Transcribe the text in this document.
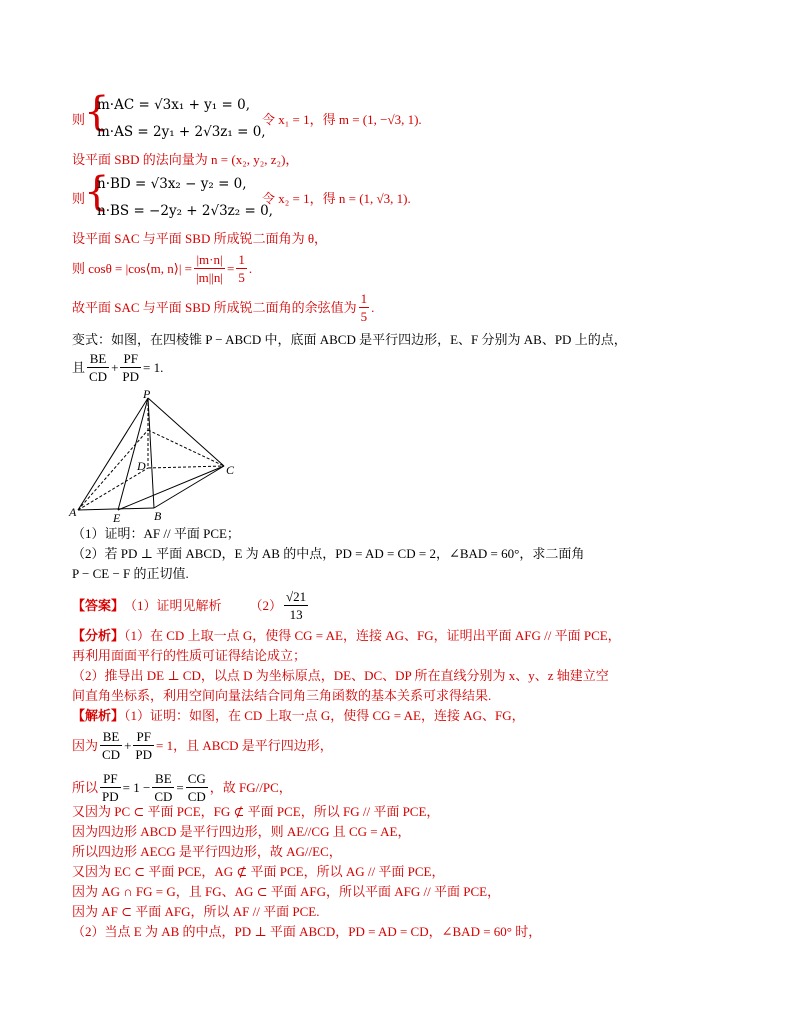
则
{
m·AC = √3x₁ + y₁ = 0,
m·AS = 2y₁ + 2√3z₁ = 0,
令 x₁ = 1，得 m = (1, −√3, 1).
设平面 SBD 的法向量为 n = (x₂, y₂, z₂)，
则
{
n·BD = √3x₂ − y₂ = 0,
n·BS = −2y₂ + 2√3z₂ = 0,
令 x₂ = 1，得 n = (1, √3, 1).
设平面 SAC 与平面 SBD 所成锐二面角为 θ，
则 cosθ = |cos⟨m, n⟩| = $\frac{|m\cdot n|}{|m||n|} = \frac{1}{5}$ .
故平面 SAC 与平面 SBD 所成锐二面角的余弦值为 $\frac{1}{5}$ .
变式：如图，在四棱锥 P − ABCD 中，底面 ABCD 是平行四边形，E、F 分别为 AB、PD 上的点，
且 $\frac{BE}{CD} + \frac{PF}{PD} = 1$.
P
D	C
A	E	B
（1）证明：AF // 平面 PCE；
（2）若 PD ⊥ 平面 ABCD，E 为 AB 的中点，PD = AD = CD = 2，∠BAD = 60°，求二面角
P − CE − F 的正切值.
【答案】 （1）证明见解析 $(2) \frac{√21}{13}$
【分析】（1）在 CD 上取一点 G，使得 CG = AE，连接 AG、FG，证明出平面 AFG // 平面 PCE，
再利用面面平行的性质可证得结论成立；
（2）推导出 DE ⊥ CD，以点 D 为坐标原点，DE、DC、DP 所在直线分别为 x、y、z 轴建立空
间直角坐标系，利用空间向量法结合同角三角函数的基本关系可求得结果.
【解析】（1）证明：如图，在 CD 上取一点 G，使得 CG = AE，连接 AG、FG，
因为 $\frac{BE}{CD} + \frac{PF}{PD} = 1$，且 ABCD 是平行四边形，
所以 $\frac{PF}{PD} = 1 - \frac{BE}{CD} = \frac{CG}{CD}$ ，故 FG//PC，
又因为 PC ⊂ 平面 PCE，FG ⊄ 平面 PCE，所以 FG // 平面 PCE，
因为四边形 ABCD 是平行四边形，则 AE//CG 且 CG = AE，
所以四边形 AECG 是平行四边形，故 AG//EC，
又因为 EC ⊂ 平面 PCE，AG ⊄ 平面 PCE，所以 AG // 平面 PCE，
因为 AG ∩ FG = G，且 FG、AG ⊂ 平面 AFG，所以平面 AFG // 平面 PCE，
因为 AF ⊂ 平面 AFG，所以 AF // 平面 PCE.
（2）当点 E 为 AB 的中点，PD ⊥ 平面 ABCD，PD = AD = CD，∠BAD = 60° 时，
